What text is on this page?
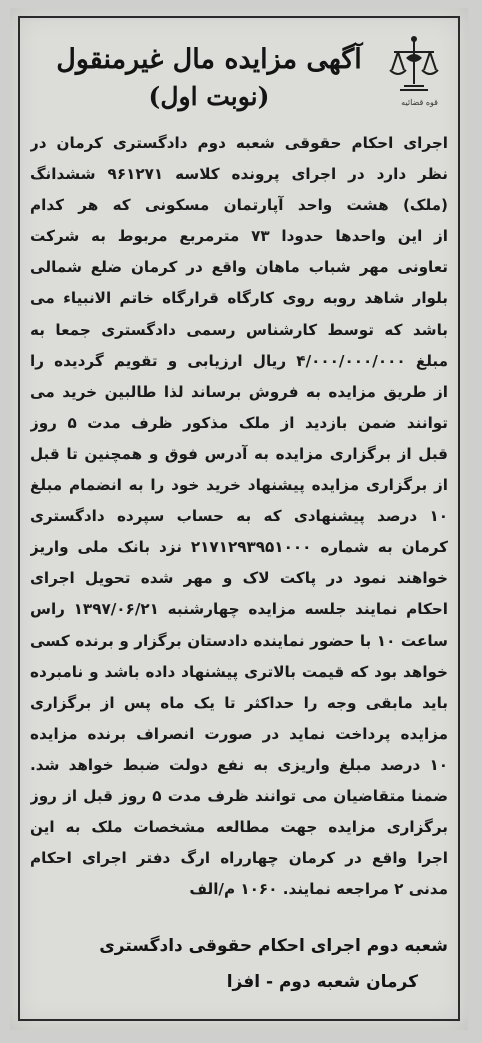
آگهی مزایده مال غیرمنقول
(نوبت اول)	قوه قضائیه
اجرای احکام حقوقی شعبه دوم دادگستری کرمان در
نظر دارد در اجرای پرونده کلاسه ۹۶۱۲۷۱ ششدانگ
(ملک) هشت واحد آپارتمان مسکونی که هر کدام
از این واحدها حدودا ۷۳ مترمربع مربوط به شرکت
تعاونی مهر شباب ماهان واقع در کرمان ضلع شمالی
بلوار شاهد روبه روی کارگاه قرارگاه خاتم الانبیاء می
باشد که توسط کارشناس رسمی دادگستری جمعا به
مبلغ ۴/۰۰۰/۰۰۰/۰۰۰ ریال ارزیابی و تقویم گردیده را
از طریق مزایده به فروش برساند لذا طالبین خرید می
توانند ضمن بازدید از ملک مذکور ظرف مدت ۵ روز
قبل از برگزاری مزایده به آدرس فوق و همچنین تا قبل
از برگزاری مزایده پیشنهاد خرید خود را به انضمام مبلغ
۱۰ درصد پیشنهادی که به حساب سپرده دادگستری
کرمان به شماره ۲۱۷۱۲۹۳۹۵۱۰۰۰ نزد بانک ملی واریز
خواهند نمود در پاکت لاک و مهر شده تحویل اجرای
احکام نمایند جلسه مزایده چهارشنبه ۱۳۹۷/۰۶/۲۱ راس
ساعت ۱۰ با حضور نماینده دادستان برگزار و برنده کسی
خواهد بود که قیمت بالاتری پیشنهاد داده باشد و نامبرده
باید مابقی وجه را حداکثر تا یک ماه پس از برگزاری
مزایده پرداخت نماید در صورت انصراف برنده مزایده
۱۰ درصد مبلغ واریزی به نفع دولت ضبط خواهد شد.
ضمنا متقاضیان می توانند ظرف مدت ۵ روز قبل از روز
برگزاری مزایده جهت مطالعه مشخصات ملک به این
اجرا واقع در کرمان چهارراه ارگ دفتر اجرای احکام
مدنی ۲ مراجعه نمایند. ۱۰۶۰ م/الف
شعبه دوم اجرای احکام حقوقی دادگستری
کرمان شعبه دوم - افزا
